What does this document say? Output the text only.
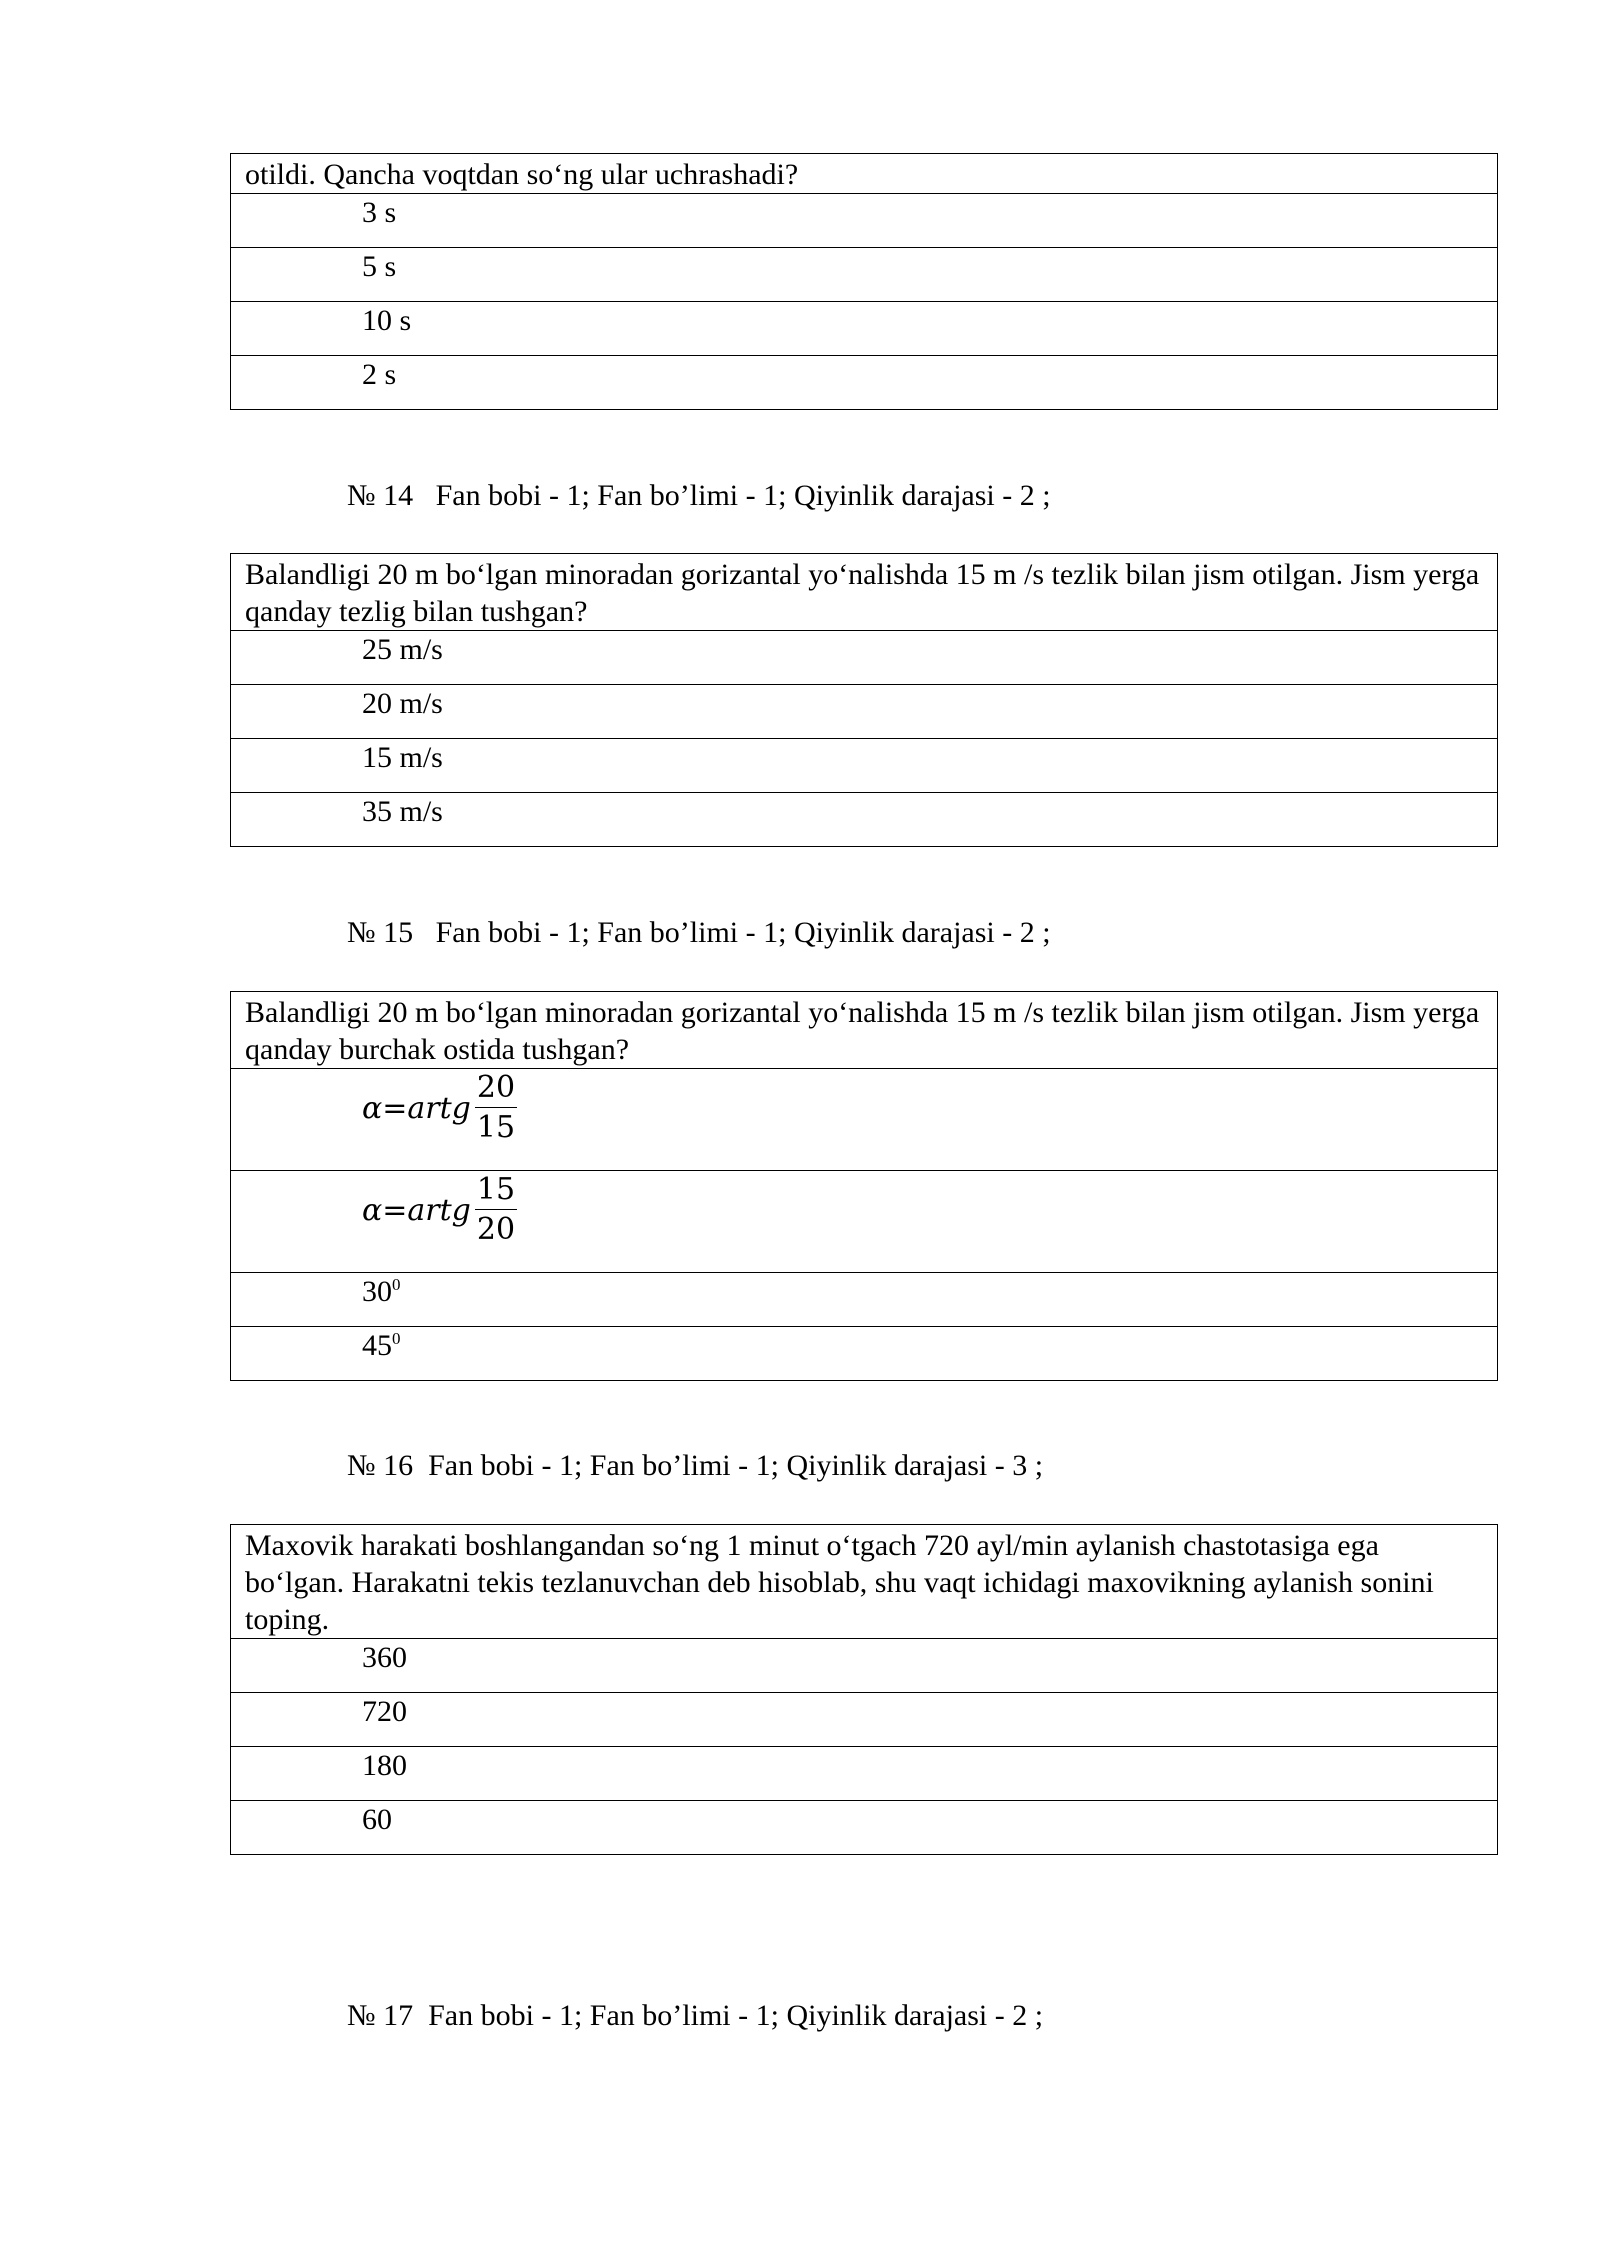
otildi. Qancha voqtdan so‘ng ular uchrashadi?
3 s
5 s
10 s
2 s
№ 14   Fan bobi - 1; Fan bo’limi - 1; Qiyinlik darajasi - 2 ;
Balandligi 20 m bo‘lgan minoradan gorizantal yo‘nalishda 15 m /s tezlik bilan jism otilgan. Jism yerga qanday tezlig bilan tushgan?
25 m/s
20 m/s
15 m/s
35 m/s
№ 15   Fan bobi - 1; Fan bo’limi - 1; Qiyinlik darajasi - 2 ;
Balandligi 20 m bo‘lgan minoradan gorizantal yo‘nalishda 15 m /s tezlik bilan jism otilgan. Jism yerga qanday burchak ostida tushgan?
α=artg $\frac{20}{15}$

α=artg $\frac{15}{20}$

$30^0$
$45^0$
№ 16  Fan bobi - 1; Fan bo’limi - 1; Qiyinlik darajasi - 3 ;
Maxovik harakati boshlangandan so‘ng 1 minut o‘tgach 720 ayl/min aylanish chastotasiga ega bo‘lgan. Harakatni tekis tezlanuvchan deb hisoblab, shu vaqt ichidagi maxovikning aylanish sonini toping.
360
720
180
60
№ 17  Fan bobi - 1; Fan bo’limi - 1; Qiyinlik darajasi - 2 ;
